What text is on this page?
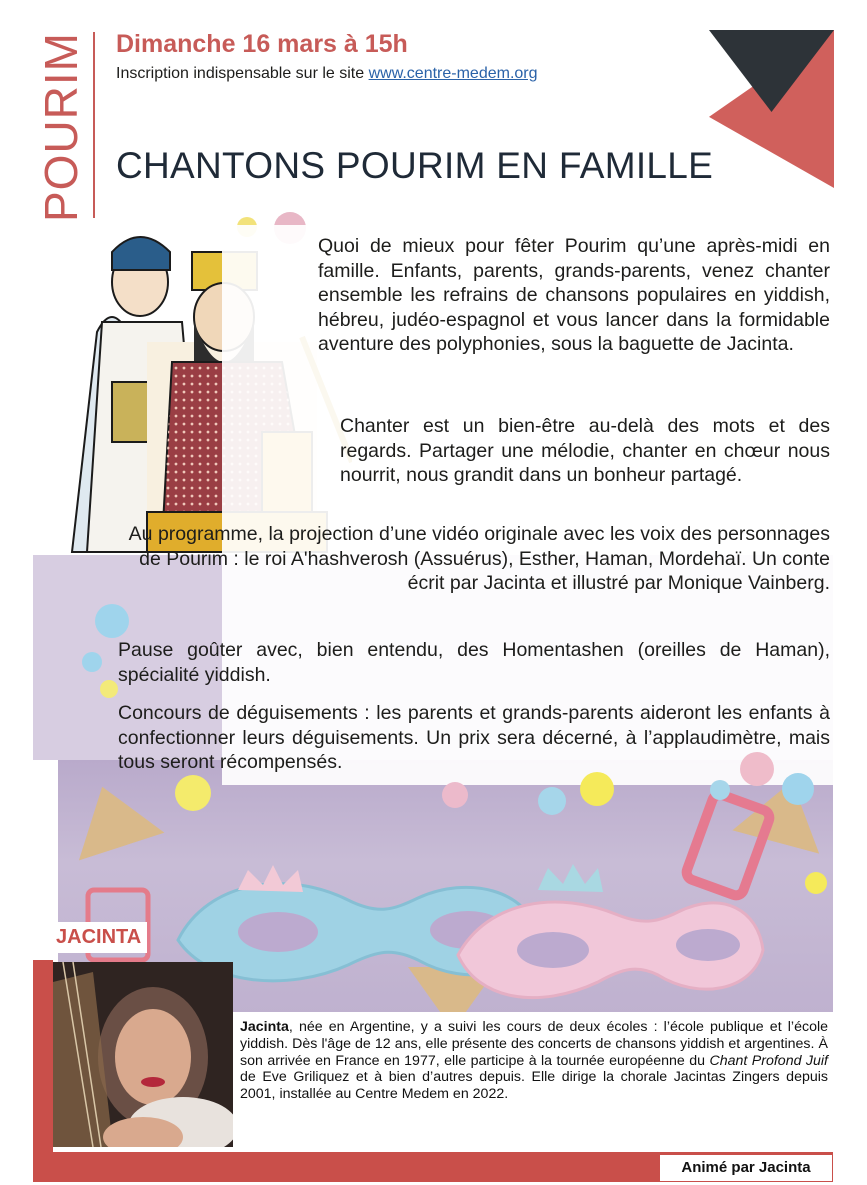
POURIM Dimanche 16 mars à 15h
Inscription indispensable sur le site www.centre-medem.org
CHANTONS POURIM EN FAMILLE
Quoi de mieux pour fêter Pourim qu’une après-midi en famille. Enfants, parents, grands-parents, venez chanter ensemble les refrains de chansons populaires en yiddish, hébreu, judéo-espagnol et vous lancer dans la formidable aventure des polyphonies, sous la baguette de Jacinta.
Chanter est un bien-être au-delà des mots et des regards. Partager une mélodie, chanter en chœur nous nourrit, nous grandit dans un bonheur partagé.
Au programme, la projection d’une vidéo originale avec les voix des personnages de Pourim : le roi A'hashverosh (Assuérus), Esther, Haman, Mordehaï. Un conte écrit par Jacinta et illustré par Monique Vainberg.
Pause goûter avec, bien entendu, des Homentashen (oreilles de Haman), spécialité yiddish.
Concours de déguisements : les parents et grands-parents aideront les enfants à confectionner leurs déguisements. Un prix sera décerné, à l’applaudimètre, mais tous seront récompensés.
JACINTA
Jacinta, née en Argentine, y a suivi les cours de deux écoles : l’école publique et l’école yiddish. Dès l'âge de 12 ans, elle présente des concerts de chansons yiddish et argentines. À son arrivée en France en 1977, elle participe à la tournée européenne du Chant Profond Juif de Eve Griliquez et à bien d’autres depuis. Elle dirige la chorale Jacintas Zingers depuis 2001, installée au Centre Medem en 2022.
Animé par Jacinta
